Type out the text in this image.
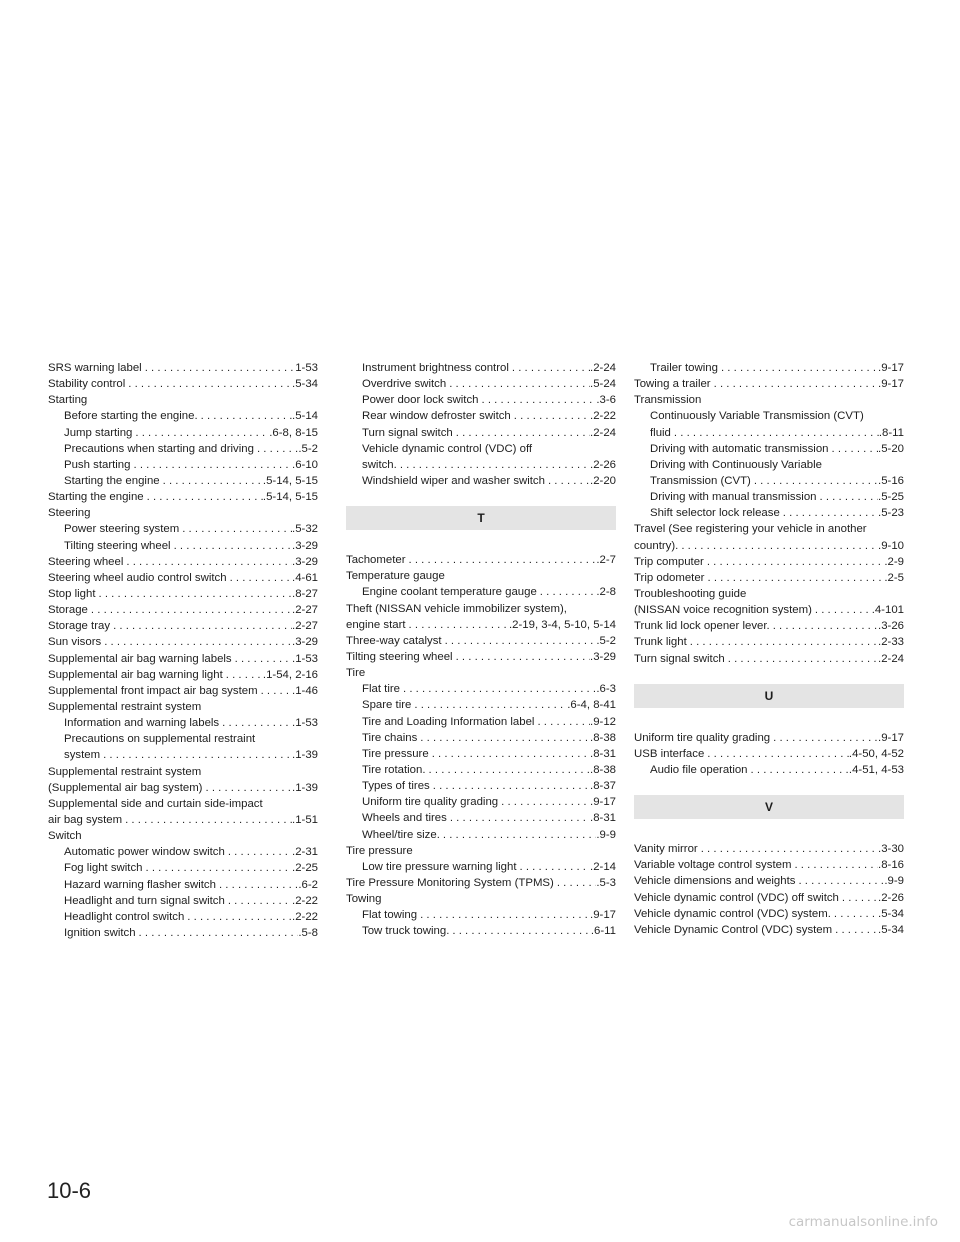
SRS warning label . . .	1-53
Stability control . . .	.5-34
Starting
Before starting the engine. . . .	.5-14
Jump starting . . .	.6-8, 8-15
Precautions when starting and driving . . .	.5-2
Push starting . . .	.6-10
Starting the engine . . .	.5-14, 5-15
Starting the engine . . .	.5-14, 5-15
Steering
Power steering system . . .	.5-32
Tilting steering wheel . . .	.3-29
Steering wheel . . .	.3-29
Steering wheel audio control switch . . .	.4-61
Stop light . . .	.8-27
Storage . . .	.2-27
Storage tray . . .	.2-27
Sun visors . . .	.3-29
Supplemental air bag warning labels . . .	.1-53
Supplemental air bag warning light . . .	.1-54, 2-16
Supplemental front impact air bag system . . .	.1-46
Supplemental restraint system
Information and warning labels . . .	.1-53
Precautions on supplemental restraint
system . . .	.1-39
Supplemental restraint system
(Supplemental air bag system) . . .	.1-39
Supplemental side and curtain side-impact
air bag system . . .	.1-51
Switch
Automatic power window switch . . .	.2-31
Fog light switch . . .	.2-25
Hazard warning flasher switch . . .	.6-2
Headlight and turn signal switch . . .	.2-22
Headlight control switch . . .	.2-22
Ignition switch . . .	.5-8
Instrument brightness control . . .	.2-24
Overdrive switch . . .	.5-24
Power door lock switch . . .	.3-6
Rear window defroster switch . . .	.2-22
Turn signal switch . . .	.2-24
Vehicle dynamic control (VDC) off
switch. . . .	.2-26
Windshield wiper and washer switch . . .	.2-20
T
Tachometer . . .	.2-7
Temperature gauge
Engine coolant temperature gauge . . .	.2-8
Theft (NISSAN vehicle immobilizer system),
engine start . . .	.2-19, 3-4, 5-10, 5-14
Three-way catalyst . . .	.5-2
Tilting steering wheel . . .	.3-29
Tire
Flat tire . . .	.6-3
Spare tire . . .	.6-4, 8-41
Tire and Loading Information label . . .	.9-12
Tire chains . . .	.8-38
Tire pressure . . .	.8-31
Tire rotation. . . .	.8-38
Types of tires . . .	.8-37
Uniform tire quality grading . . .	.9-17
Wheels and tires . . .	.8-31
Wheel/tire size. . . .	.9-9
Tire pressure
Low tire pressure warning light . . .	.2-14
Tire Pressure Monitoring System (TPMS) . . .	.5-3
Towing
Flat towing . . .	.9-17
Tow truck towing. . . .	.6-11
Trailer towing . . .	.9-17
Towing a trailer . . .	.9-17
Transmission
Continuously Variable Transmission (CVT)
fluid . . .	.8-11
Driving with automatic transmission . . .	.5-20
Driving with Continuously Variable
Transmission (CVT) . . .	.5-16
Driving with manual transmission . . .	.5-25
Shift selector lock release . . .	.5-23
Travel (See registering your vehicle in another
country). . . .	.9-10
Trip computer . . .	.2-9
Trip odometer . . .	.2-5
Troubleshooting guide
(NISSAN voice recognition system) . . .	.4-101
Trunk lid lock opener lever. . . .	.3-26
Trunk light . . .	.2-33
Turn signal switch . . .	.2-24
U
Uniform tire quality grading . . .	.9-17
USB interface . . .	.4-50, 4-52
Audio file operation . . .	.4-51, 4-53
V
Vanity mirror . . .	.3-30
Variable voltage control system . . .	.8-16
Vehicle dimensions and weights . . .	.9-9
Vehicle dynamic control (VDC) off switch . . .	.2-26
Vehicle dynamic control (VDC) system. . . .	.5-34
Vehicle Dynamic Control (VDC) system . . .	.5-34
10-6
carmanualsonline.info
